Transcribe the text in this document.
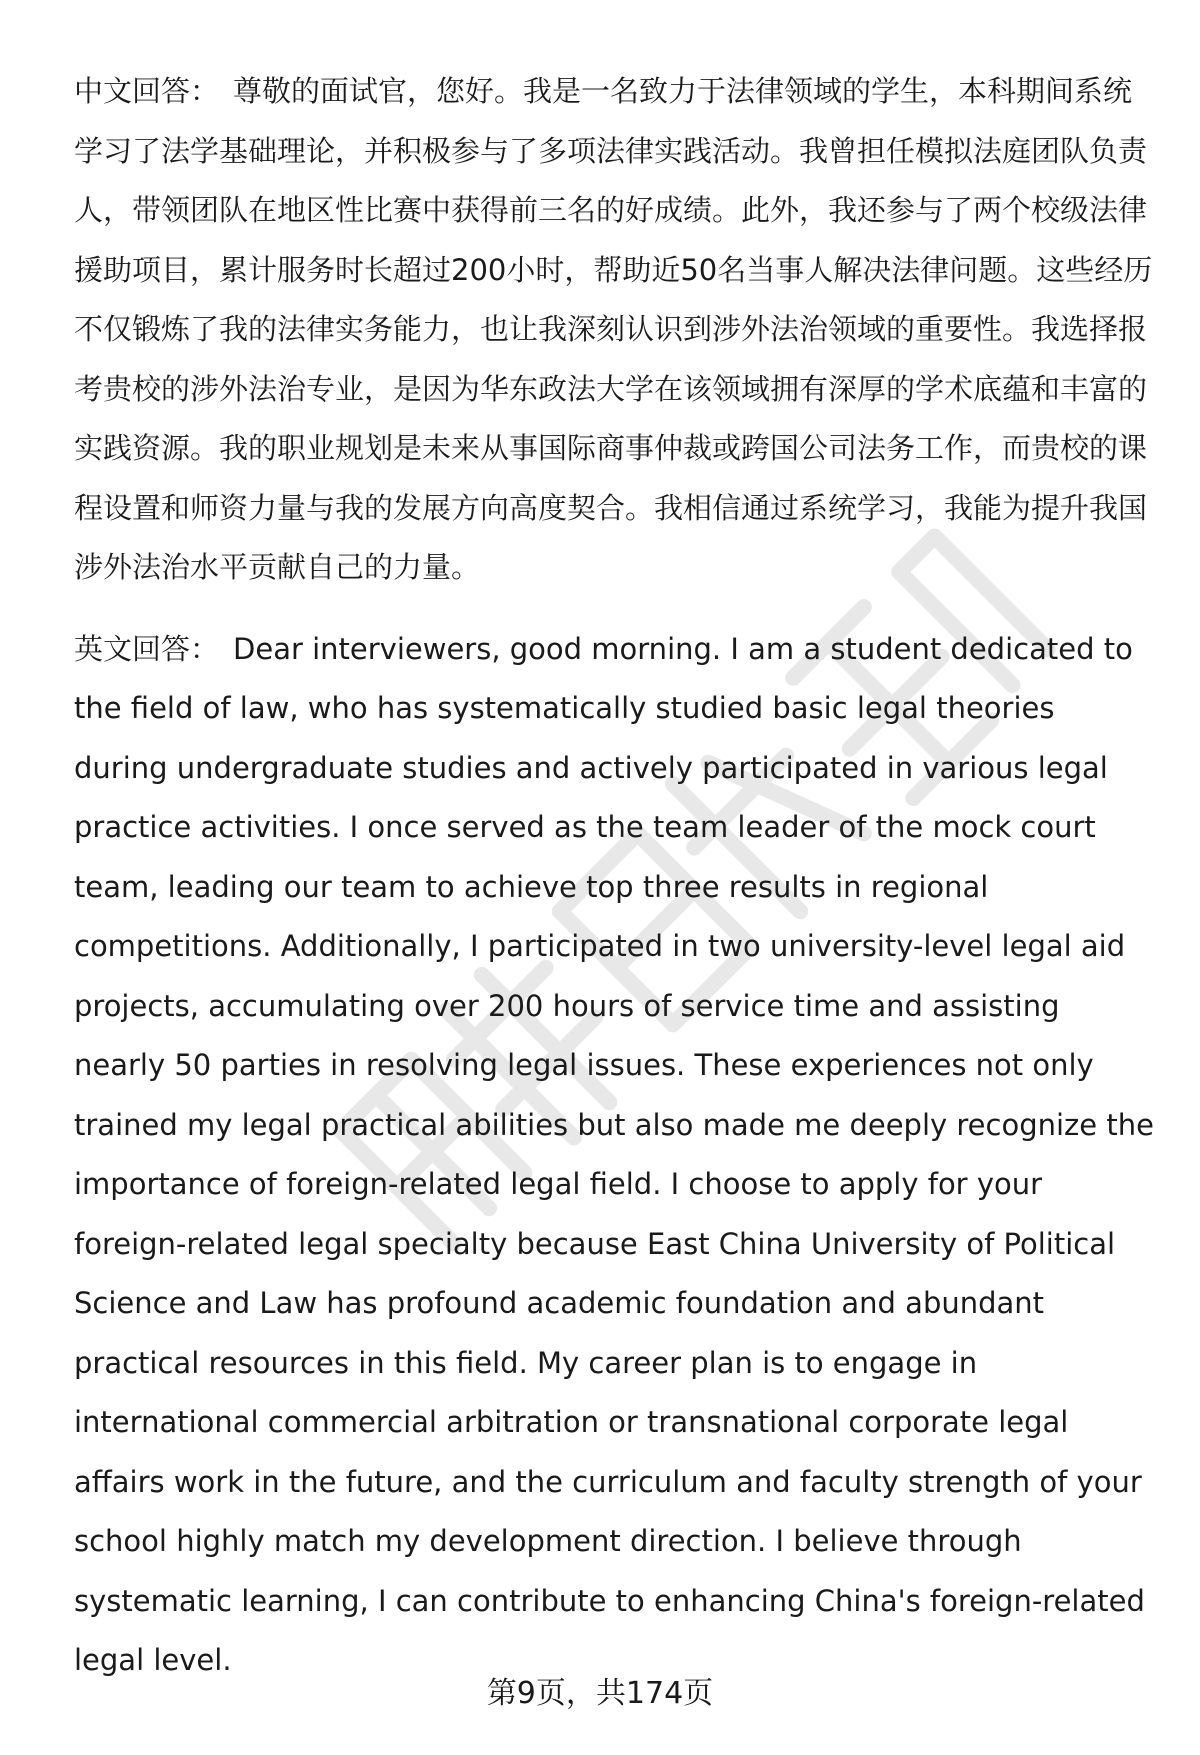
中文回答： 尊敬的面试官，您好。我是一名致力于法律领域的学生，本科期间系统学习了法学基础理论，并积极参与了多项法律实践活动。我曾担任模拟法庭团队负责人，带领团队在地区性比赛中获得前三名的好成绩。此外，我还参与了两个校级法律援助项目，累计服务时长超过200小时，帮助近50名当事人解决法律问题。这些经历不仅锻炼了我的法律实务能力，也让我深刻认识到涉外法治领域的重要性。我选择报考贵校的涉外法治专业，是因为华东政法大学在该领域拥有深厚的学术底蕴和丰富的实践资源。我的职业规划是未来从事国际商事仲裁或跨国公司法务工作，而贵校的课程设置和师资力量与我的发展方向高度契合。我相信通过系统学习，我能为提升我国涉外法治水平贡献自己的力量。

英文回答： Dear interviewers, good morning. I am a student dedicated to the field of law, who has systematically studied basic legal theories during undergraduate studies and actively participated in various legal practice activities. I once served as the team leader of the mock court team, leading our team to achieve top three results in regional competitions. Additionally, I participated in two university-level legal aid projects, accumulating over 200 hours of service time and assisting nearly 50 parties in resolving legal issues. These experiences not only trained my legal practical abilities but also made me deeply recognize the importance of foreign-related legal field. I choose to apply for your foreign-related legal specialty because East China University of Political Science and Law has profound academic foundation and abundant practical resources in this field. My career plan is to engage in international commercial arbitration or transnational corporate legal affairs work in the future, and the curriculum and faculty strength of your school highly match my development direction. I believe through systematic learning, I can contribute to enhancing China's foreign-related legal level.

第9页，共174页
